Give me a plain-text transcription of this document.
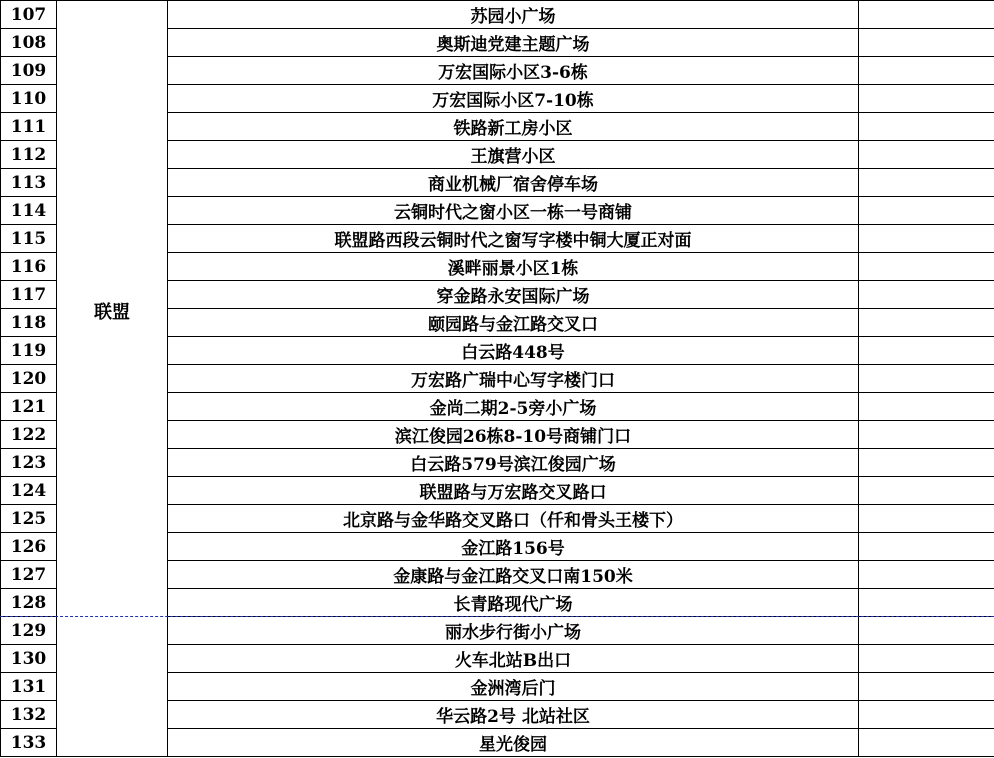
107	联盟	苏园小广场	
108		奥斯迪党建主题广场	
109		万宏国际小区3-6栋	
110		万宏国际小区7-10栋	
111		铁路新工房小区	
112		王旗营小区	
113		商业机械厂宿舍停车场	
114		云铜时代之窗小区一栋一号商铺	
115		联盟路西段云铜时代之窗写字楼中铜大厦正对面	
116		溪畔丽景小区1栋	
117		穿金路永安国际广场	
118		颐园路与金江路交叉口	
119		白云路448号	
120		万宏路广瑞中心写字楼门口	
121		金尚二期2-5旁小广场	
122		滨江俊园26栋8-10号商铺门口	
123		白云路579号滨江俊园广场	
124		联盟路与万宏路交叉路口	
125		北京路与金华路交叉路口（仟和骨头王楼下）	
126		金江路156号	
127		金康路与金江路交叉口南150米	
128		长青路现代广场	
129		丽水步行街小广场	
130		火车北站B出口	
131		金洲湾后门	
132		华云路2号 北站社区	
133		星光俊园	
